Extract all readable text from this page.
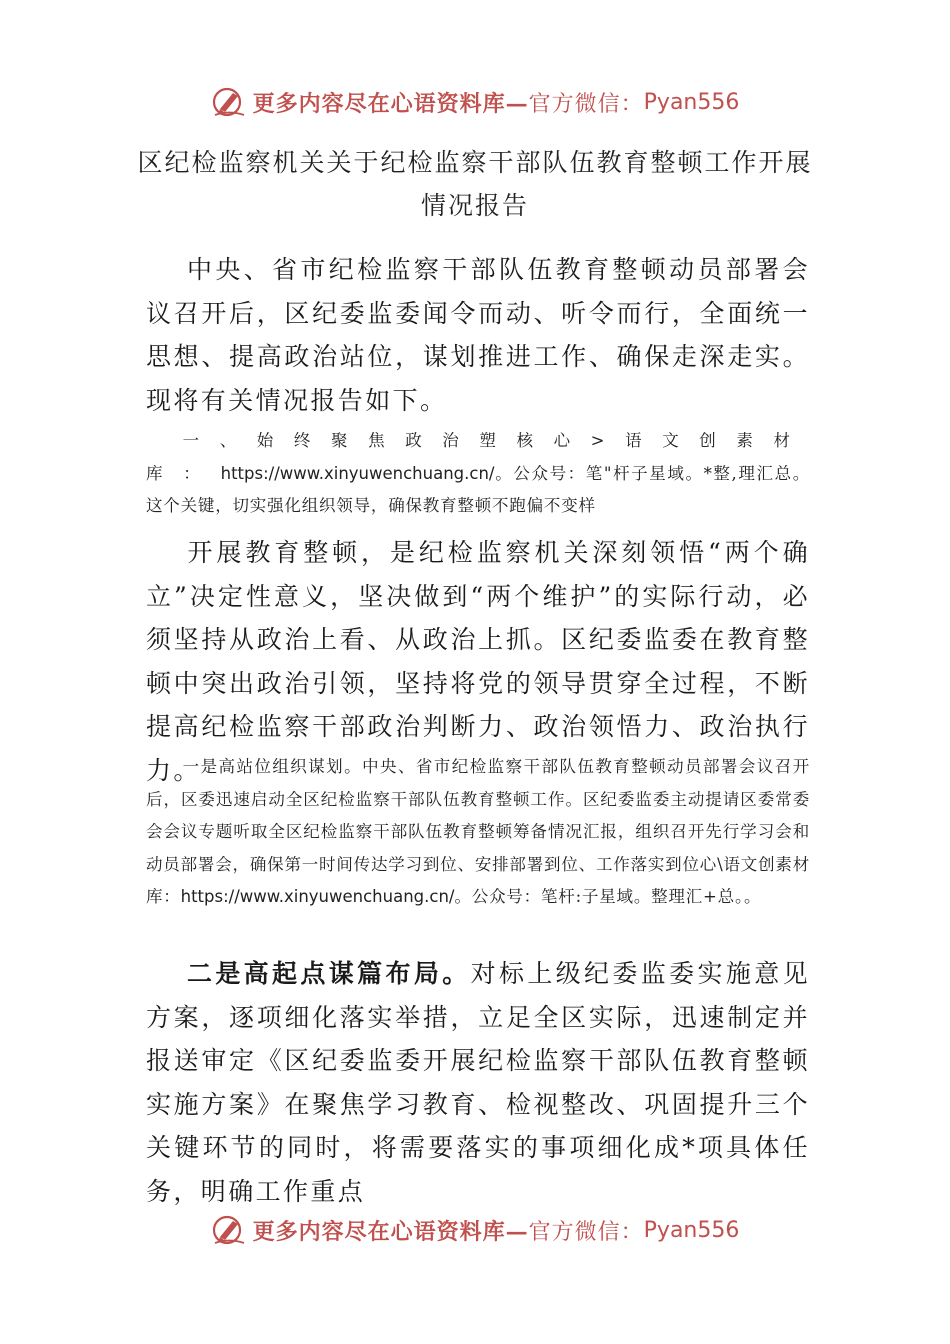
更多内容尽在心语资料库— 官方微信： Pyan556
区纪检监察机关关于纪检监察干部队伍教育整顿工作开展
情况报告

中央、省市纪检监察干部队伍教育整顿动员部署会议召开后，区纪委监委闻令而动、听令而行，全面统一思想、提高政治站位，谋划推进工作、确保走深走实。现将有关情况报告如下。

一、始终聚焦政治塑核心>语文创素材库：https://www.xinyuwenchuang.cn/。公众号：笔"杆子星域。*整,理汇总。这个关键，切实强化组织领导，确保教育整顿不跑偏不变样

开展教育整顿，是纪检监察机关深刻领悟“两个确立”决定性意义，坚决做到“两个维护”的实际行动，必须坚持从政治上看、从政治上抓。区纪委监委在教育整顿中突出政治引领，坚持将党的领导贯穿全过程，不断提高纪检监察干部政治判断力、政治领悟力、政治执行力。

一是高站位组织谋划。中央、省市纪检监察干部队伍教育整顿动员部署会议召开后，区委迅速启动全区纪检监察干部队伍教育整顿工作。区纪委监委主动提请区委常委会会议专题听取全区纪检监察干部队伍教育整顿筹备情况汇报，组织召开先行学习会和动员部署会，确保第一时间传达学习到位、安排部署到位、工作落实到位心\语文创素材库：https://www.xinyuwenchuang.cn/。公众号：笔杆:子星域。整理汇+总。。

二是高起点谋篇布局。对标上级纪委监委实施意见方案，逐项细化落实举措，立足全区实际，迅速制定并报送审定《区纪委监委开展纪检监察干部队伍教育整顿实施方案》在聚焦学习教育、检视整改、巩固提升三个关键环节的同时，将需要落实的事项细化成*项具体任务，明确工作重点

更多内容尽在心语资料库— 官方微信： Pyan556
